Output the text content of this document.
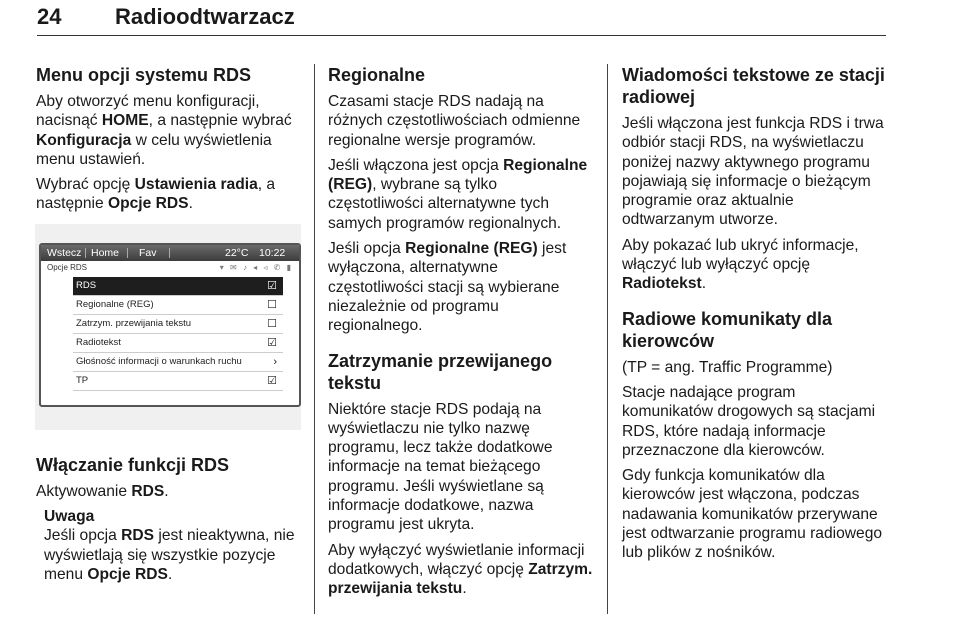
24 Radioodtwarzacz
Menu opcji systemu RDS

Aby otworzyć menu konfiguracji, nacisnąć HOME, a następnie wybrać Konfiguracja w celu wyświetlenia menu ustawień.

Wybrać opcję Ustawienia radia, a następnie Opcje RDS.

Wstecz Home Fav	22°C 10:22
Opcje RDS	▾ ✉ ♪ ◂ ◃ ✆ ▮
RDS	☑
Regionalne (REG)	☐
Zatrzym. przewijania tekstu	☐
Radiotekst	☑
Głośność informacji o warunkach ruchu	›
TP	☑
Włączanie funkcji RDS

Aktywowanie RDS.

Uwaga
Jeśli opcja RDS jest nieaktywna, nie wyświetlają się wszystkie pozycje menu Opcje RDS.
Regionalne

Czasami stacje RDS nadają na różnych częstotliwościach odmienne regionalne wersje programów.

Jeśli włączona jest opcja Regionalne (REG), wybrane są tylko częstotliwości alternatywne tych samych programów regionalnych.

Jeśli opcja Regionalne (REG) jest wyłączona, alternatywne częstotliwości stacji są wybierane niezależnie od programu regionalnego.

Zatrzymanie przewijanego tekstu

Niektóre stacje RDS podają na wyświetlaczu nie tylko nazwę programu, lecz także dodatkowe informacje na temat bieżącego programu. Jeśli wyświetlane są informacje dodatkowe, nazwa programu jest ukryta.

Aby wyłączyć wyświetlanie informacji dodatkowych, włączyć opcję Zatrzym. przewijania tekstu.

Wiadomości tekstowe ze stacji radiowej

Jeśli włączona jest funkcja RDS i trwa odbiór stacji RDS, na wyświetlaczu poniżej nazwy aktywnego programu pojawiają się informacje o bieżącym programie oraz aktualnie odtwarzanym utworze.

Aby pokazać lub ukryć informacje, włączyć lub wyłączyć opcję Radiotekst.

Radiowe komunikaty dla kierowców

(TP = ang. Traffic Programme)

Stacje nadające program komunikatów drogowych są stacjami RDS, które nadają informacje przeznaczone dla kierowców.

Gdy funkcja komunikatów dla kierowców jest włączona, podczas nadawania komunikatów przerywane jest odtwarzanie programu radiowego lub plików z nośników.
